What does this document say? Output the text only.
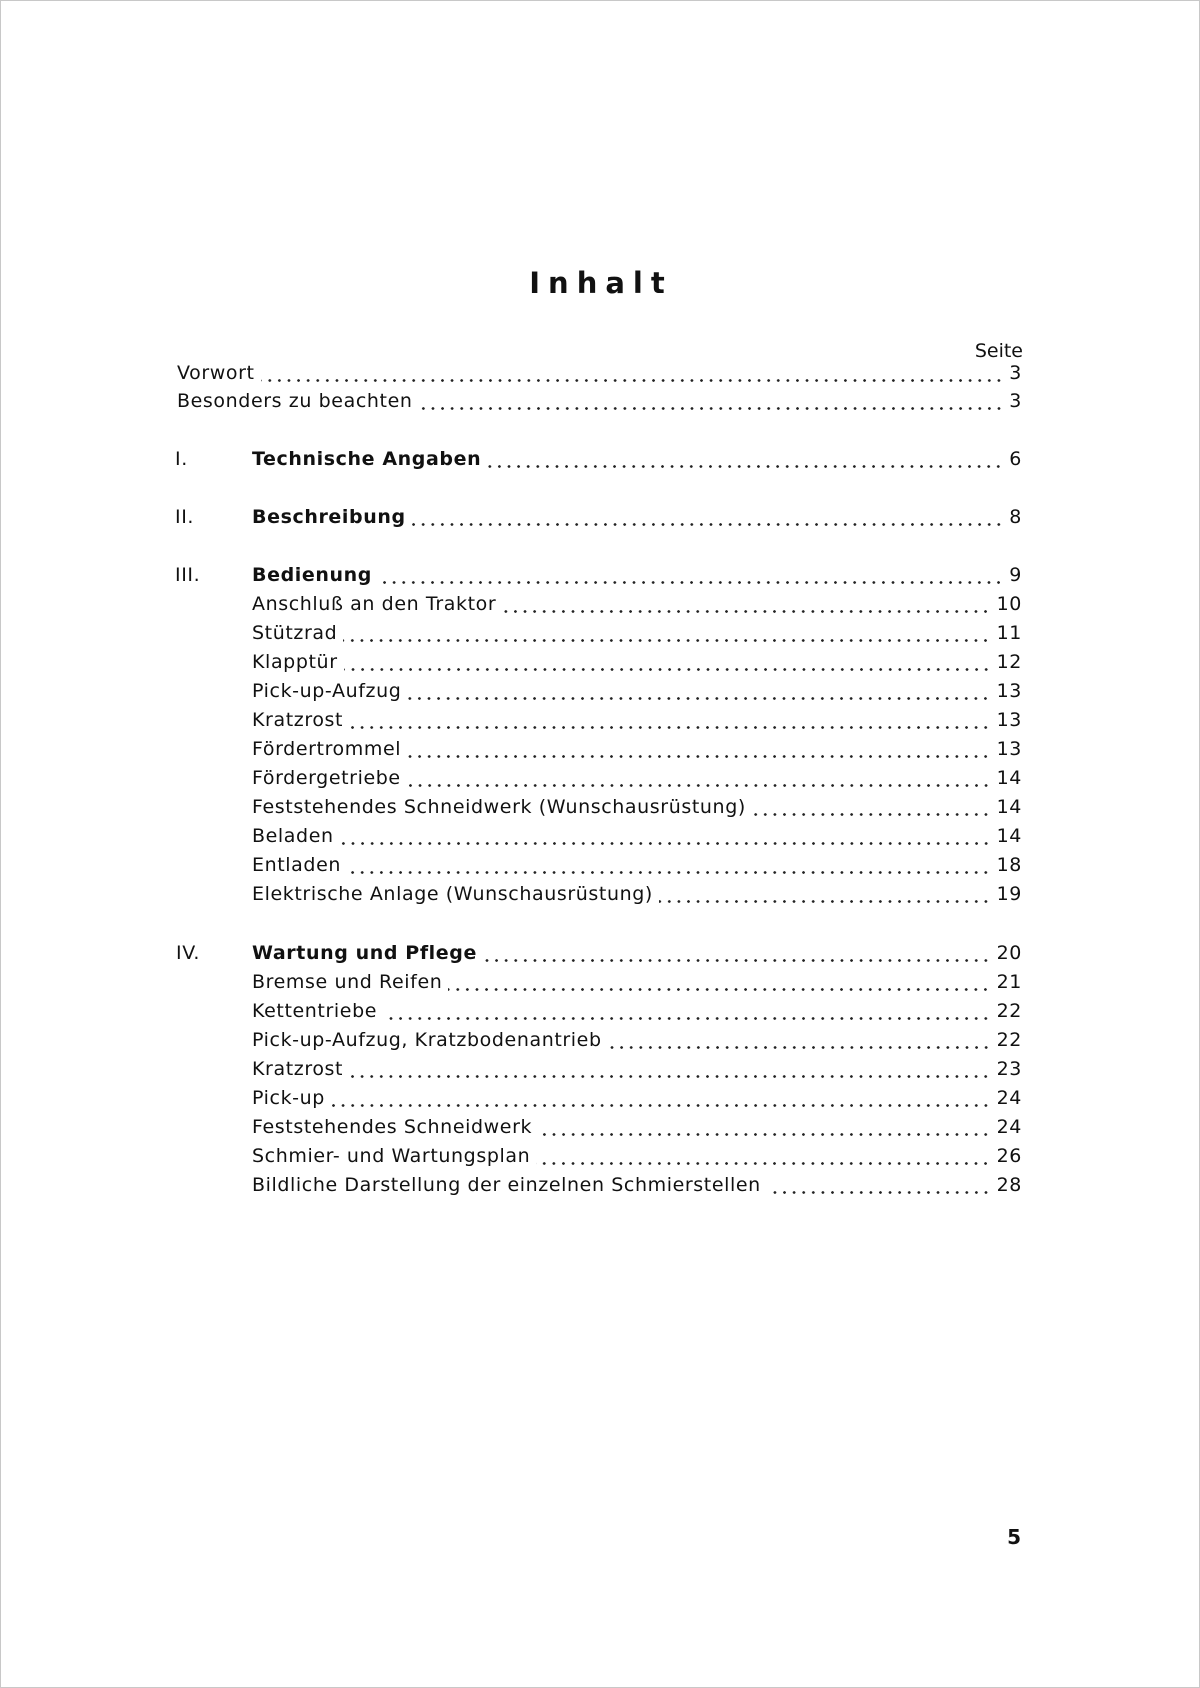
Inhalt
Seite
Vorwort	3
Besonders zu beachten	3
I.	Technische Angaben	6
II.	Beschreibung	8
III.	Bedienung	9
Anschluß an den Traktor	10
Stützrad	11
Klapptür	12
Pick-up-Aufzug	13
Kratzrost	13
Fördertrommel	13
Fördergetriebe	14
Feststehendes Schneidwerk (Wunschausrüstung)	14
Beladen	14
Entladen	18
Elektrische Anlage (Wunschausrüstung)	19
IV.	Wartung und Pflege	20
Bremse und Reifen	21
Kettentriebe	22
Pick-up-Aufzug, Kratzbodenantrieb	22
Kratzrost	23
Pick-up	24
Feststehendes Schneidwerk	24
Schmier- und Wartungsplan	26
Bildliche Darstellung der einzelnen Schmierstellen	28
5
